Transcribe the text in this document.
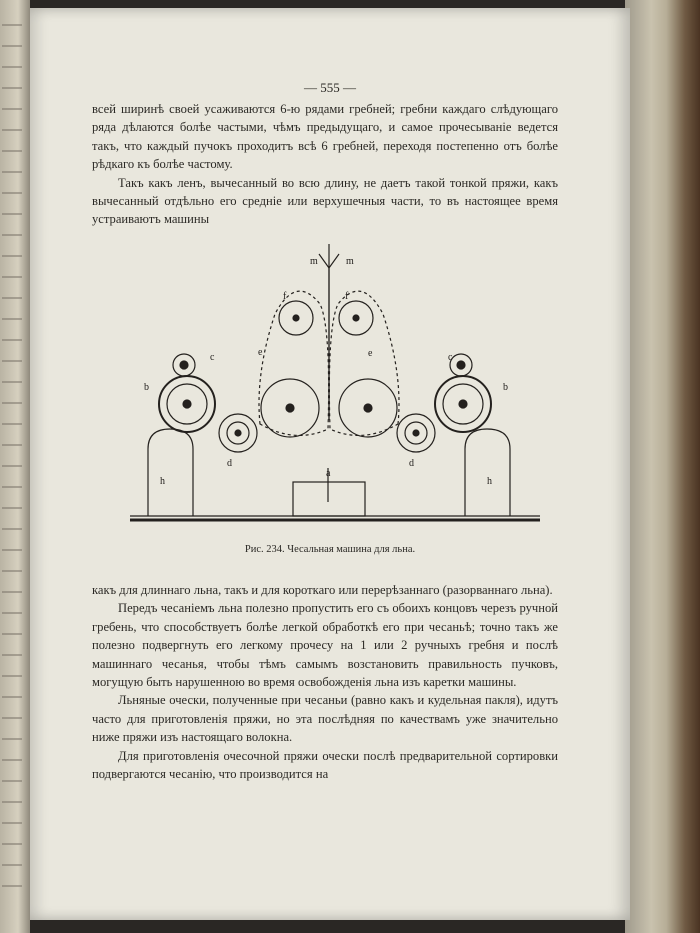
— 555 —

всей ширинѣ своей усаживаются 6-ю рядами гребней; гребни каждаго слѣдующаго ряда дѣлаются болѣе частыми, чѣмъ предыдущаго, и самое прочесываніе ведется такъ, что каждый пучокъ проходитъ всѣ 6 гребней, переходя постепенно отъ болѣе рѣдкаго къ болѣе частому.

Такъ какъ ленъ, вычесанный во всю длину, не даетъ такой тонкой пряжи, какъ вычесанный отдѣльно его средніе или верхушечныя части, то въ настоящее время устраиваютъ машины

b	b
c	c
d	d
e	e
f	f
h	h
m	m
a
Рис. 234. Чесальная машина для льна.

какъ для длиннаго льна, такъ и для короткаго или перерѣзаннаго (разорваннаго льна).

Передъ чесаніемъ льна полезно пропустить его съ обоихъ концовъ черезъ ручной гребень, что способствуетъ болѣе легкой обработкѣ его при чесаньѣ; точно такъ же полезно подвергнуть его легкому прочесу на 1 или 2 ручныхъ гребня и послѣ машиннаго чесанья, чтобы тѣмъ самымъ возстановить правильность пучковъ, могущую быть нарушенною во время освобожденія льна изъ каретки машины.

Льняные очески, полученные при чесаньи (равно какъ и кудельная пакля), идутъ часто для приготовленія пряжи, но эта послѣдняя по качествамъ уже значительно ниже пряжи изъ настоящаго волокна.

Для приготовленія очесочной пряжи очески послѣ предварительной сортировки подвергаются чесанію, что производится на
